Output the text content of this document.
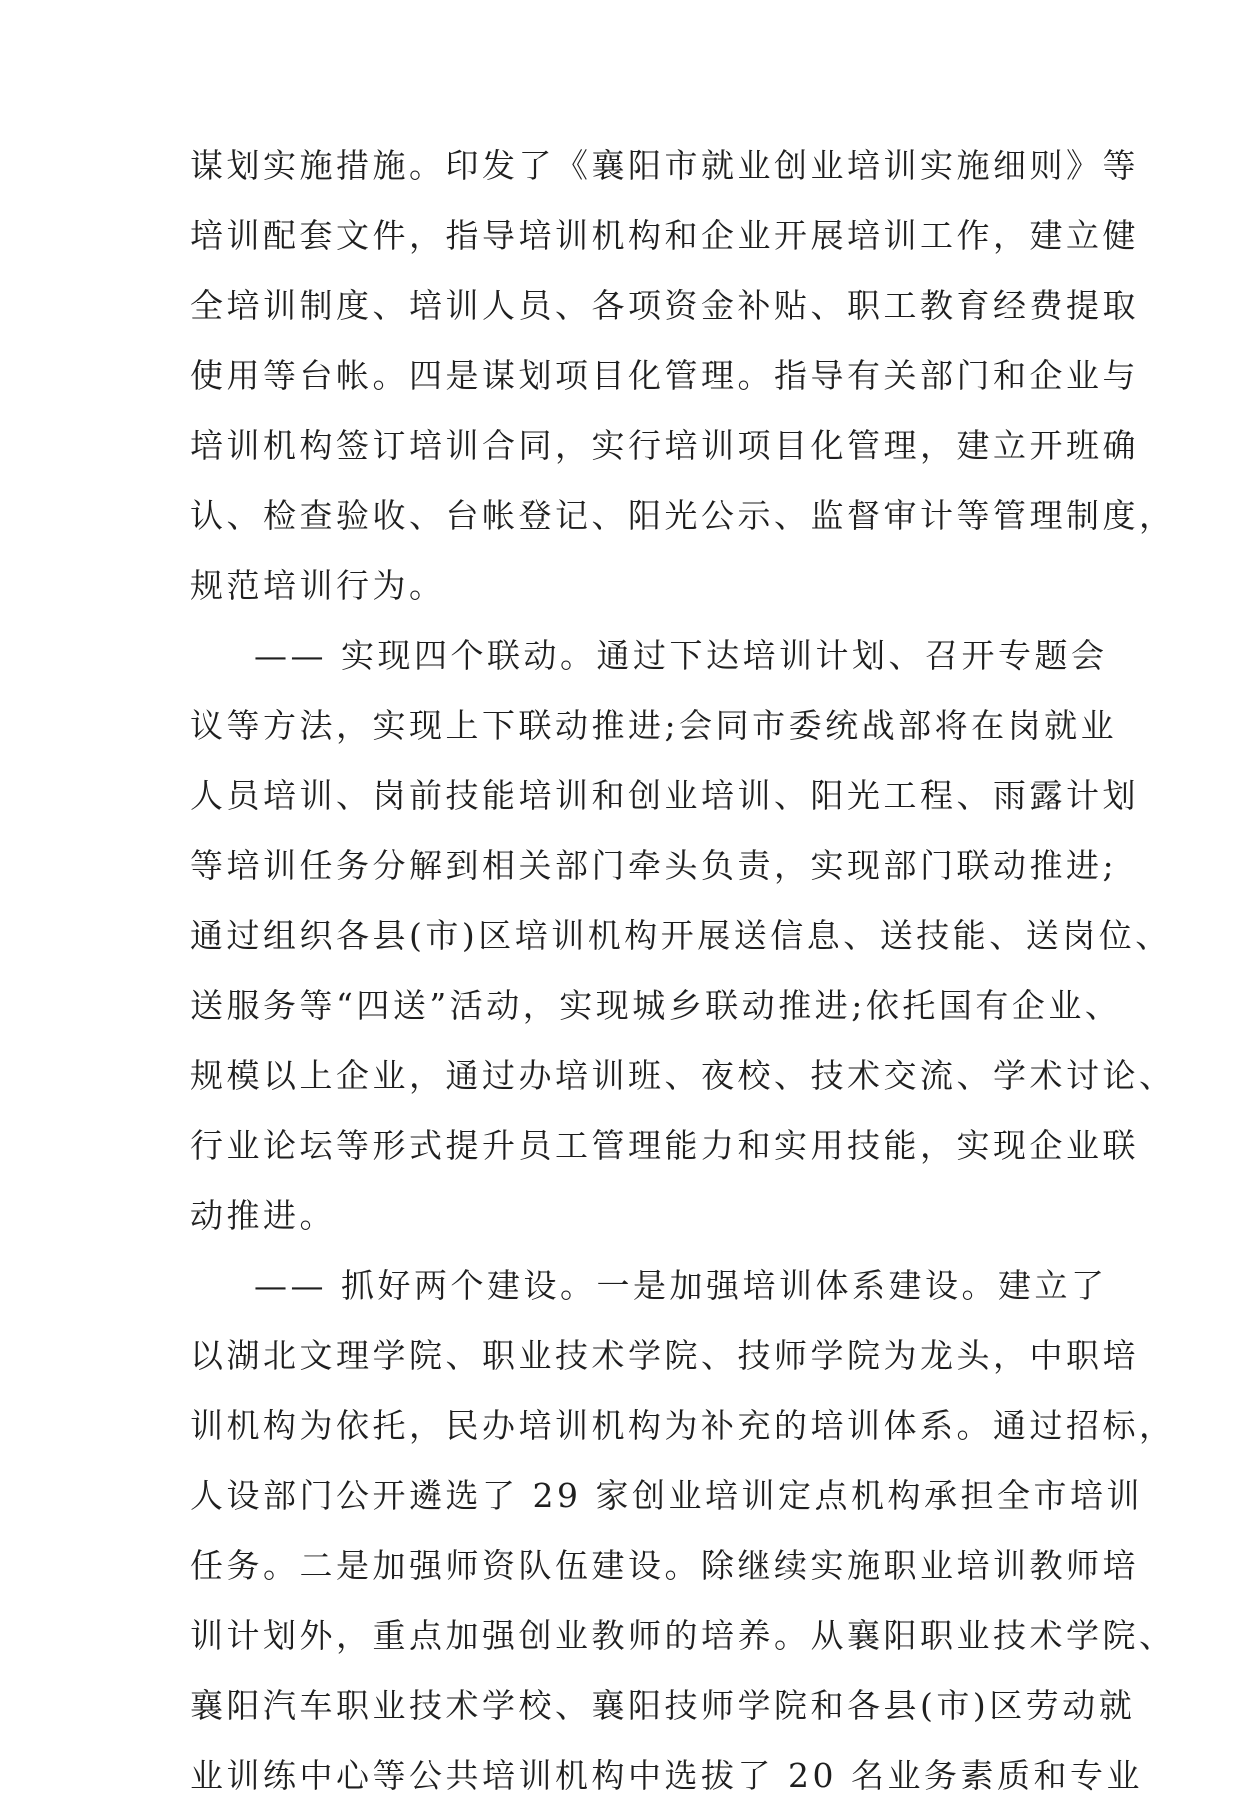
谋划实施措施。印发了《襄阳市就业创业培训实施细则》等
培训配套文件，指导培训机构和企业开展培训工作，建立健
全培训制度、培训人员、各项资金补贴、职工教育经费提取
使用等台帐。四是谋划项目化管理。指导有关部门和企业与
培训机构签订培训合同，实行培训项目化管理，建立开班确
认、检查验收、台帐登记、阳光公示、监督审计等管理制度，
规范培训行为。
—— 实现四个联动。通过下达培训计划、召开专题会
议等方法，实现上下联动推进;会同市委统战部将在岗就业
人员培训、岗前技能培训和创业培训、阳光工程、雨露计划
等培训任务分解到相关部门牵头负责，实现部门联动推进;
通过组织各县(市)区培训机构开展送信息、送技能、送岗位、
送服务等“四送”活动，实现城乡联动推进;依托国有企业、
规模以上企业，通过办培训班、夜校、技术交流、学术讨论、
行业论坛等形式提升员工管理能力和实用技能，实现企业联
动推进。
—— 抓好两个建设。一是加强培训体系建设。建立了
以湖北文理学院、职业技术学院、技师学院为龙头，中职培
训机构为依托，民办培训机构为补充的培训体系。通过招标，
人设部门公开遴选了 29 家创业培训定点机构承担全市培训
任务。二是加强师资队伍建设。除继续实施职业培训教师培
训计划外，重点加强创业教师的培养。从襄阳职业技术学院、
襄阳汽车职业技术学校、襄阳技师学院和各县(市)区劳动就
业训练中心等公共培训机构中选拔了 20 名业务素质和专业
